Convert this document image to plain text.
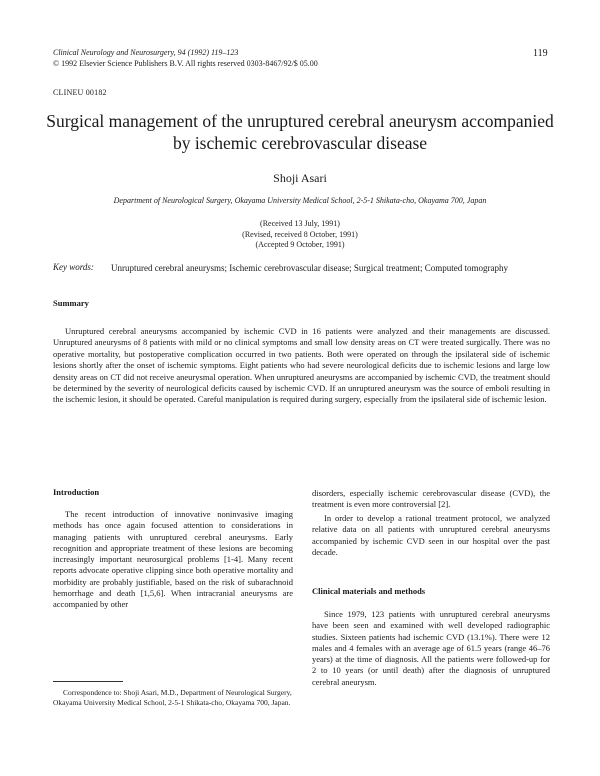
Clinical Neurology and Neurosurgery, 94 (1992) 119–123
© 1992 Elsevier Science Publishers B.V. All rights reserved 0303-8467/92/$ 05.00
119
CLINEU 00182
Surgical management of the unruptured cerebral aneurysm accompanied by ischemic cerebrovascular disease
Shoji Asari
Department of Neurological Surgery, Okayama University Medical School, 2-5-1 Shikata-cho, Okayama 700, Japan
(Received 13 July, 1991)
(Revised, received 8 October, 1991)
(Accepted 9 October, 1991)
Key words: Unruptured cerebral aneurysms; Ischemic cerebrovascular disease; Surgical treatment; Computed tomography
Summary

Unruptured cerebral aneurysms accompanied by ischemic CVD in 16 patients were analyzed and their managements are discussed. Unruptured aneurysms of 8 patients with mild or no clinical symptoms and small low density areas on CT were treated surgically. There was no operative mortality, but postoperative complication occurred in two patients. Both were operated on through the ipsilateral side of ischemic lesions shortly after the onset of ischemic symptoms. Eight patients who had severe neurological deficits due to ischemic lesions and large low density areas on CT did not receive aneurysmal operation. When unruptured aneurysms are accompanied by ischemic CVD, the treatment should be determined by the severity of neurological deficits caused by ischemic CVD. If an unruptured aneurysm was the source of emboli resulting in the ischemic lesion, it should be operated. Careful manipulation is required during surgery, especially from the ipsilateral side of ischemic lesion.

Introduction

The recent introduction of innovative noninvasive imaging methods has once again focused attention to considerations in managing patients with unruptured cerebral aneurysms. Early recognition and appropriate treatment of these lesions are becoming increasingly important neurosurgical problems [1-4]. Many recent reports advocate operative clipping since both operative mortality and morbidity are probably justifiable, based on the risk of subarachnoid hemorrhage and death [1,5,6]. When intracranial aneurysms are accompanied by other

disorders, especially ischemic cerebrovascular disease (CVD), the treatment is even more controversial [2].

In order to develop a rational treatment protocol, we analyzed relative data on all patients with unruptured cerebral aneurysms accompanied by ischemic CVD seen in our hospital over the past decade.

Clinical materials and methods

Since 1979, 123 patients with unruptured cerebral aneurysms have been seen and examined with well developed radiographic studies. Sixteen patients had ischemic CVD (13.1%). There were 12 males and 4 females with an average age of 61.5 years (range 46–76 years) at the time of diagnosis. All the patients were followed-up for 2 to 10 years (or until death) after the diagnosis of unruptured cerebral aneurysm.

Correspondence to: Shoji Asari, M.D., Department of Neurological Surgery, Okayama University Medical School, 2-5-1 Shikata-cho, Okayama 700, Japan.
